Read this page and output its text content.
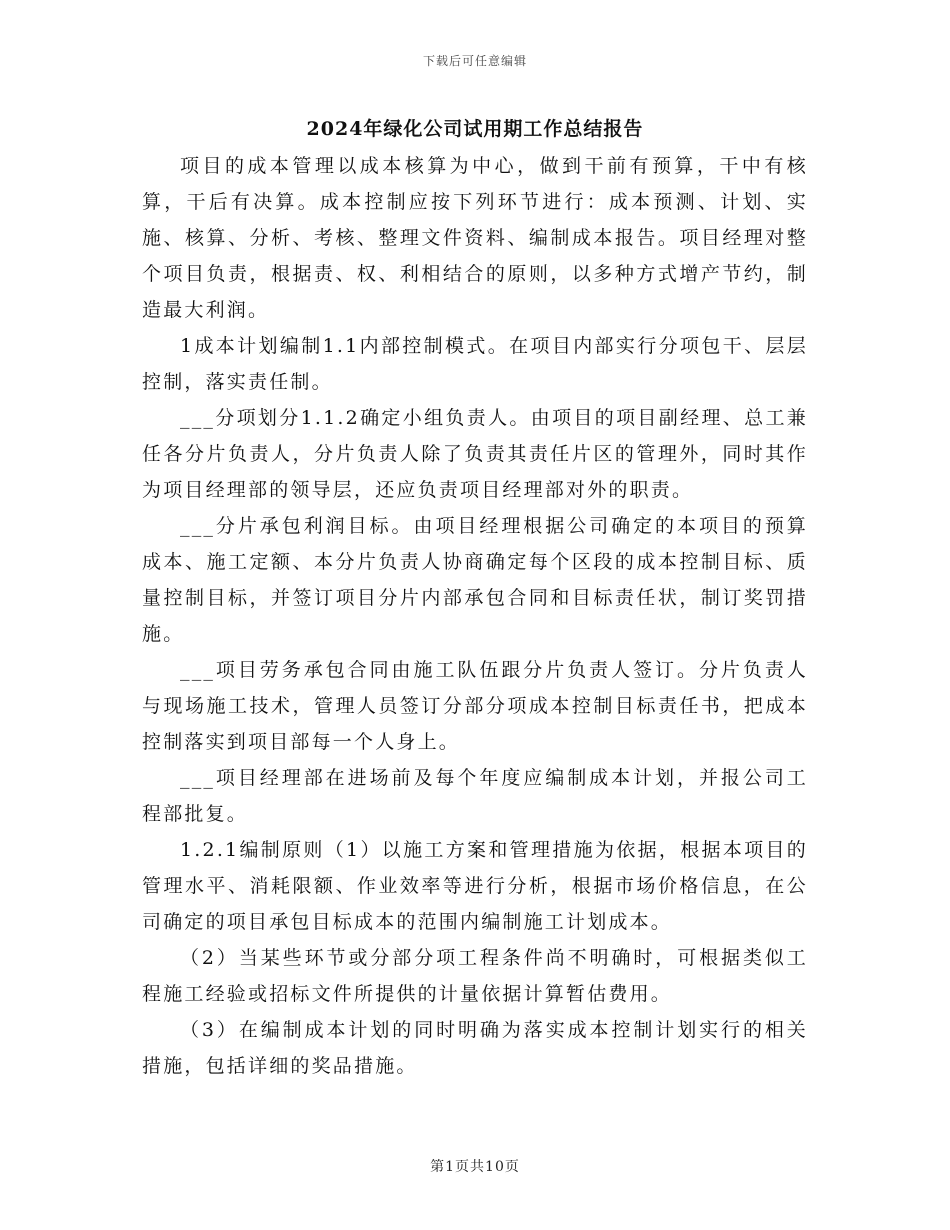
下载后可任意编辑
2024年绿化公司试用期工作总结报告

项目的成本管理以成本核算为中心，做到干前有预算，干中有核算，干后有决算。成本控制应按下列环节进行：成本预测、计划、实施、核算、分析、考核、整理文件资料、编制成本报告。项目经理对整个项目负责，根据责、权、利相结合的原则，以多种方式增产节约，制造最大利润。

1成本计划编制1.1内部控制模式。在项目内部实行分项包干、层层控制，落实责任制。

___分项划分1.1.2确定小组负责人。由项目的项目副经理、总工兼任各分片负责人，分片负责人除了负责其责任片区的管理外，同时其作为项目经理部的领导层，还应负责项目经理部对外的职责。

___分片承包利润目标。由项目经理根据公司确定的本项目的预算成本、施工定额、本分片负责人协商确定每个区段的成本控制目标、质量控制目标，并签订项目分片内部承包合同和目标责任状，制订奖罚措施。

___项目劳务承包合同由施工队伍跟分片负责人签订。分片负责人与现场施工技术，管理人员签订分部分项成本控制目标责任书，把成本控制落实到项目部每一个人身上。

___项目经理部在进场前及每个年度应编制成本计划，并报公司工程部批复。

1.2.1编制原则（1）以施工方案和管理措施为依据，根据本项目的管理水平、消耗限额、作业效率等进行分析，根据市场价格信息，在公司确定的项目承包目标成本的范围内编制施工计划成本。

（2）当某些环节或分部分项工程条件尚不明确时，可根据类似工程施工经验或招标文件所提供的计量依据计算暂估费用。

（3）在编制成本计划的同时明确为落实成本控制计划实行的相关措施，包括详细的奖品措施。

第1页共10页
